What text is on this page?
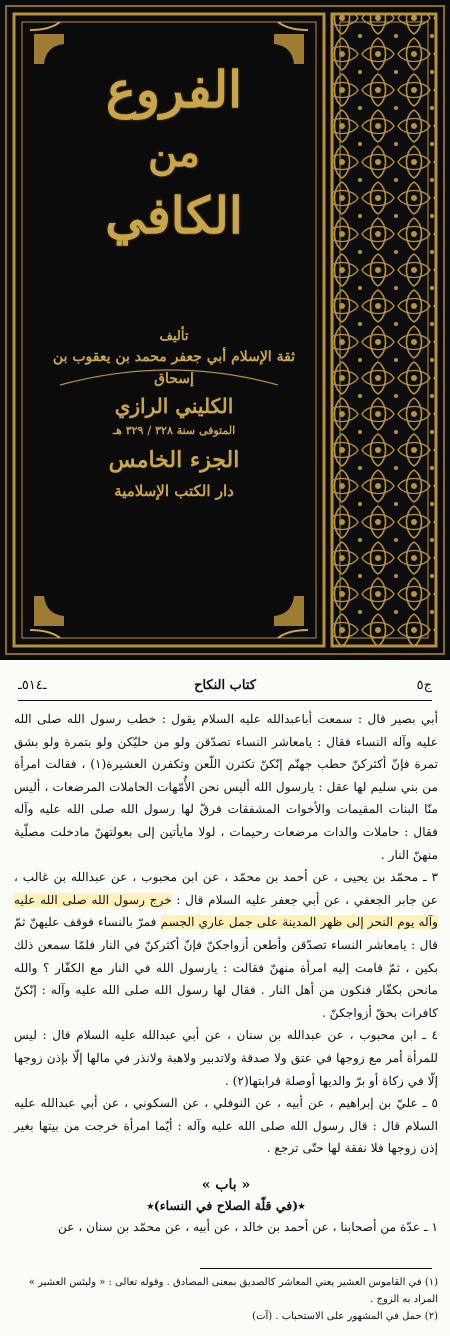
الفروع
من
الكافي
تأليف
ثقة الإسلام أبي جعفر محمد بن يعقوب بن إسحاق
الكليني الرازي
المتوفى سنة ٣٢٨ / ٣٢٩ هـ
الجزء الخامس
دار الكتب الإسلامية
ج٥
كتاب النكاح
ـ٥١٤ـ

أبي بصير قال : سمعت أباعبدالله عليه السلام يقول : خطب رسول الله صلى الله عليه وآله النساء فقال : يامعاشر النساء تصدّقن ولو من حليّكن ولو بتمرة ولو بشق تمرة فإنّ أكثركنّ حطب جهنّم إنّكنّ تكثرن اللّعن وتكفرن العشيرة(١) ، فقالت امرأة من بني سليم لها عقل : يارسول الله أليس نحن الأُمّهات الحاملات المرضعات ، أليس منّا البنات المقيمات والأخوات المشفقات فرقّ لها رسول الله صلى الله عليه وآله فقال : حاملات والدات مرضعات رحيمات ، لولا مايأتين إلى بعولتهنّ مادخلت مصلّية منهنّ النار .

٣ ـ محمّد بن يحيى ، عن أحمد بن محمّد ، عن ابن محبوب ، عن عبدالله بن غالب ، عن جابر الجعفي ، عن أبي جعفر عليه السلام قال : خرج رسول الله صلى الله عليه وآله يوم النحر إلى ظهر المدينة على جمل عاري الجسم فمرّ بالنساء فوقف عليهنّ ثمّ قال : يامعاشر النساء تصدّقن وأطعن أزواجكنّ فإنّ أكثركنّ في النار فلمّا سمعن ذلك بكين ، ثمّ قامت إليه امرأة منهنّ فقالت : يارسول الله في النار مع الكفّار ؟ والله مانحن بكفّار فنكون من أهل النار . فقال لها رسول الله صلى الله عليه وآله : إنّكنّ كافرات بحقّ أزواجكنّ .

٤ ـ ابن محبوب ، عن عبدالله بن سنان ، عن أبي عبدالله عليه السلام قال : ليس للمرأة أمر مع زوجها في عتق ولا صدقة ولاتدبير ولاهبة ولانذر في مالها إلّا بإذن زوجها إلّا في زكاة أو برّ والديها أوصلة قرابتها(٢) .

٥ ـ عليّ بن إبراهيم ، عن أبيه ، عن النوفلي ، عن السكوني ، عن أبي عبدالله عليه السلام قال : قال رسول الله صلى الله عليه وآله : أيّما امرأة خرجت من بيتها بغير إذن زوجها فلا نفقة لها حتّى ترجع .

« باب »
٭(في قلّة الصلاح في النساء)٭

١ ـ عدّة من أصحابنا ، عن أحمد بن خالد ، عن أبيه ، عن محمّد بن سنان ، عن

(١) في القاموس العشير يعني المعاشر كالصديق بمعنى المصادق . وقوله تعالى : « ولبئس العشير » المراد به الزوج .
(٢) حمل في المشهور على الاستحباب . (آت)
